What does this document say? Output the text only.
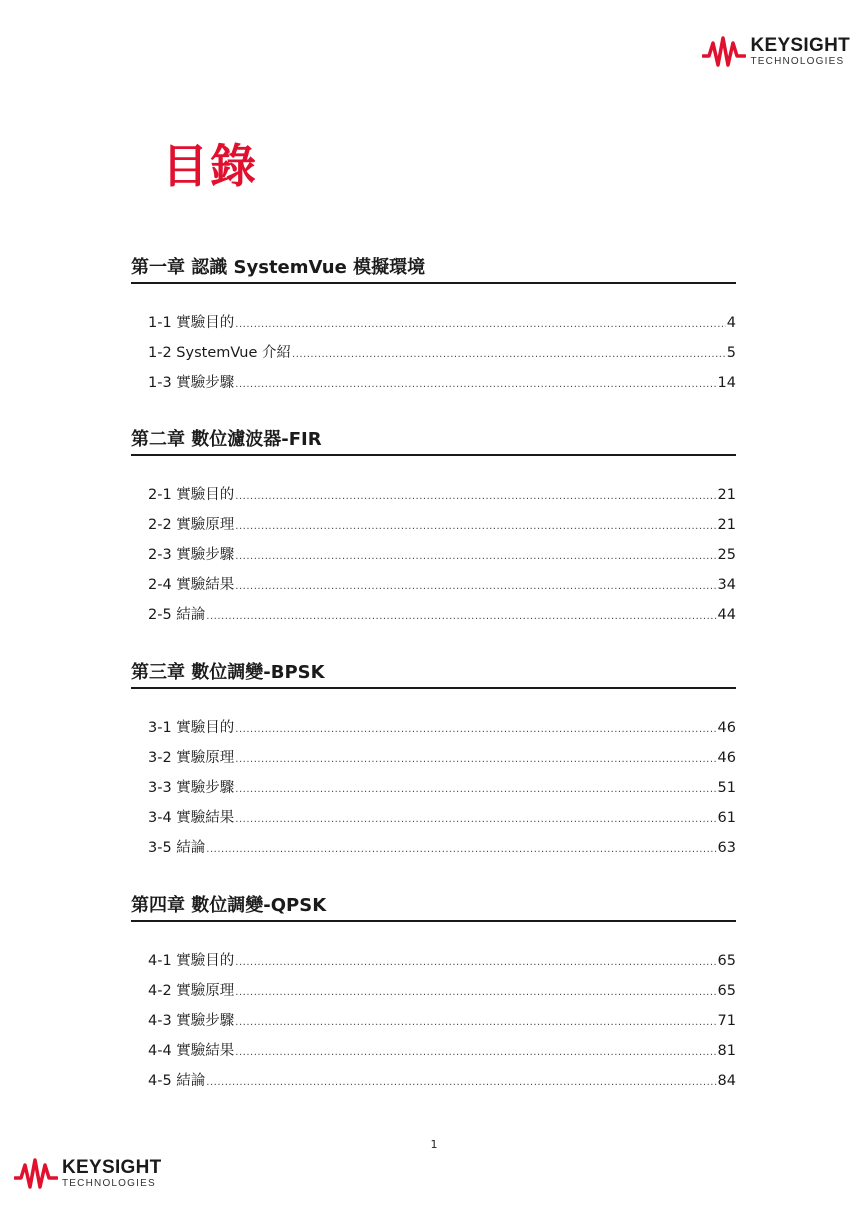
KEYSIGHT
TECHNOLOGIES
目錄
第一章 認識 SystemVue 模擬環境
1-1 實驗目的 .....	4
1-2 SystemVue 介紹 .....	5
1-3 實驗步驟 .....	14
第二章 數位濾波器-FIR
2-1 實驗目的 .....	21
2-2 實驗原理 .....	21
2-3 實驗步驟 .....	25
2-4 實驗結果 .....	34
2-5 結論 .....	44
第三章 數位調變-BPSK
3-1 實驗目的 .....	46
3-2 實驗原理 .....	46
3-3 實驗步驟 .....	51
3-4 實驗結果 .....	61
3-5 結論 .....	63
第四章 數位調變-QPSK
4-1 實驗目的 .....	65
4-2 實驗原理 .....	65
4-3 實驗步驟 .....	71
4-4 實驗結果 .....	81
4-5 結論 .....	84
1
KEYSIGHT
TECHNOLOGIES
